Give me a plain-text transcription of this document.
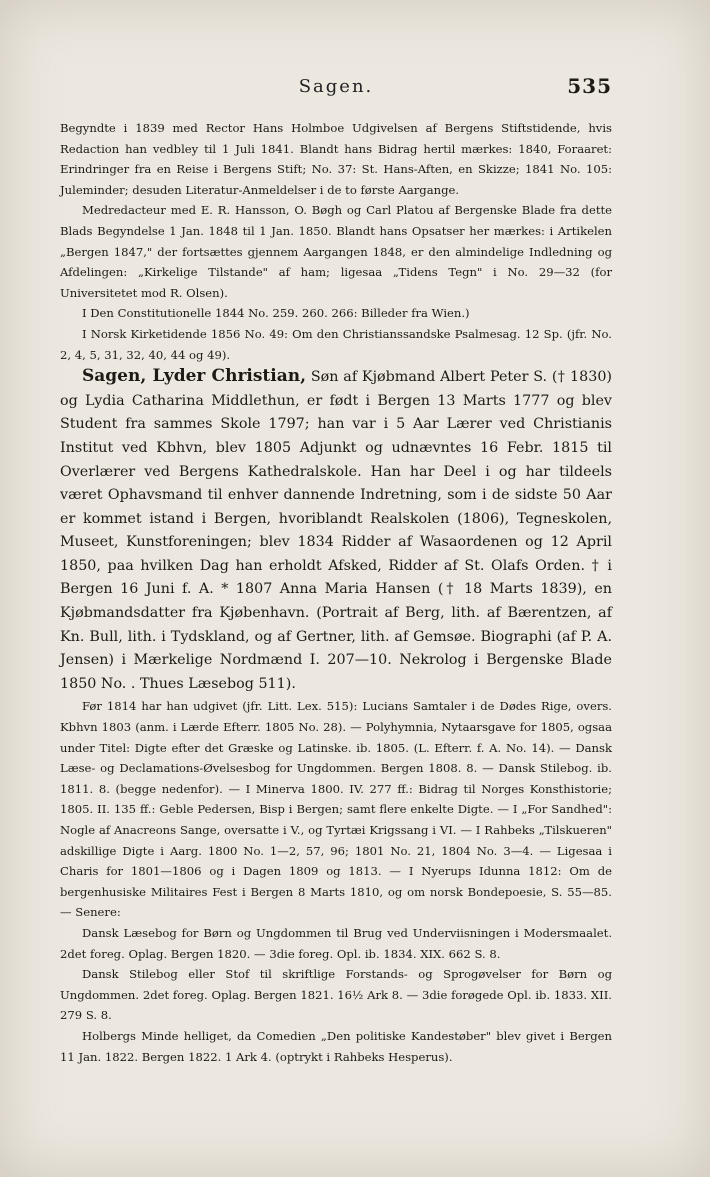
Sagen.	535

Begyndte i 1839 med Rector Hans Holmboe Udgivelsen af Bergens Stiftstidende, hvis Redaction han vedbley til 1 Juli 1841. Blandt hans Bidrag hertil mærkes: 1840, Foraaret: Erindringer fra en Reise i Bergens Stift; No. 37: St. Hans-Aften, en Skizze; 1841 No. 105: Juleminder; desuden Literatur-Anmeldelser i de to første Aargange.

Medredacteur med E. R. Hansson, O. Bøgh og Carl Platou af Bergenske Blade fra dette Blads Begyndelse 1 Jan. 1848 til 1 Jan. 1850. Blandt hans Opsatser her mærkes: i Artikelen „Bergen 1847," der fortsættes gjennem Aargangen 1848, er den almindelige Indledning og Afdelingen: „Kirkelige Tilstande" af ham; ligesaa „Tidens Tegn" i No. 29—32 (for Universitetet mod R. Olsen).

I Den Constitutionelle 1844 No. 259. 260. 266: Billeder fra Wien.)

I Norsk Kirketidende 1856 No. 49: Om den Christianssandske Psalmesag. 12 Sp. (jfr. No. 2, 4, 5, 31, 32, 40, 44 og 49).

Sagen, Lyder Christian, Søn af Kjøbmand Albert Peter S. († 1830) og Lydia Catharina Middlethun, er født i Bergen 13 Marts 1777 og blev Student fra sammes Skole 1797; han var i 5 Aar Lærer ved Christianis Institut ved Kbhvn, blev 1805 Adjunkt og udnævntes 16 Febr. 1815 til Overlærer ved Bergens Kathedralskole. Han har Deel i og har tildeels været Ophavsmand til enhver dannende Indretning, som i de sidste 50 Aar er kommet istand i Bergen, hvoriblandt Realskolen (1806), Tegneskolen, Museet, Kunstforeningen; blev 1834 Ridder af Wasaordenen og 12 April 1850, paa hvilken Dag han erholdt Afsked, Ridder af St. Olafs Orden. † i Bergen 16 Juni f. A. * 1807 Anna Maria Hansen († 18 Marts 1839), en Kjøbmandsdatter fra Kjøbenhavn. (Portrait af Berg, lith. af Bærentzen, af Kn. Bull, lith. i Tydskland, og af Gertner, lith. af Gemsøe. Biographi (af P. A. Jensen) i Mærkelige Nordmænd I. 207—10. Nekrolog i Bergenske Blade 1850 No. . Thues Læsebog 511).

Før 1814 har han udgivet (jfr. Litt. Lex. 515): Lucians Samtaler i de Dødes Rige, overs. Kbhvn 1803 (anm. i Lærde Efterr. 1805 No. 28). — Polyhymnia, Nytaarsgave for 1805, ogsaa under Titel: Digte efter det Græske og Latinske. ib. 1805. (L. Efterr. f. A. No. 14). — Dansk Læse- og Declamations-Øvelsesbog for Ungdommen. Bergen 1808. 8. — Dansk Stilebog. ib. 1811. 8. (begge nedenfor). — I Minerva 1800. IV. 277 ff.: Bidrag til Norges Konsthistorie; 1805. II. 135 ff.: Geble Pedersen, Bisp i Bergen; samt flere enkelte Digte. — I „For Sandhed": Nogle af Anacreons Sange, oversatte i V., og Tyrtæi Krigssang i VI. — I Rahbeks „Tilskueren" adskillige Digte i Aarg. 1800 No. 1—2, 57, 96; 1801 No. 21, 1804 No. 3—4. — Ligesaa i Charis for 1801—1806 og i Dagen 1809 og 1813. — I Nyerups Idunna 1812: Om de bergenhusiske Militaires Fest i Bergen 8 Marts 1810, og om norsk Bondepoesie, S. 55—85. — Senere:

Dansk Læsebog for Børn og Ungdommen til Brug ved Underviisningen i Modersmaalet. 2det foreg. Oplag. Bergen 1820. — 3die foreg. Opl. ib. 1834. XIX. 662 S. 8.

Dansk Stilebog eller Stof til skriftlige Forstands- og Sprogøvelser for Børn og Ungdommen. 2det foreg. Oplag. Bergen 1821. 16½ Ark 8. — 3die forøgede Opl. ib. 1833. XII. 279 S. 8.

Holbergs Minde helliget, da Comedien „Den politiske Kandestøber" blev givet i Bergen 11 Jan. 1822. Bergen 1822. 1 Ark 4. (optrykt i Rahbeks Hesperus).
